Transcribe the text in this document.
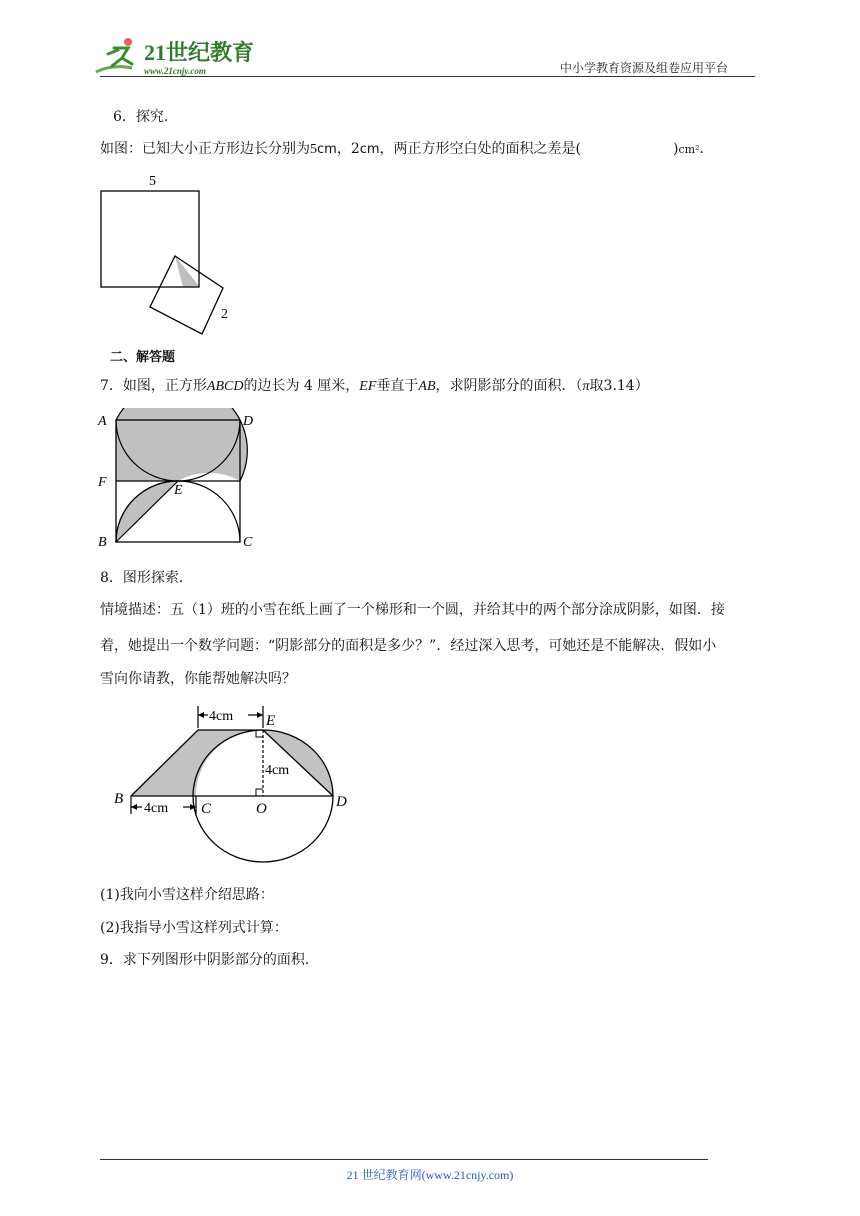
21世纪教育
www.21cnjy.com	中小学教育资源及组卷应用平台
6．探究．
如图：已知大小正方形边长分别为5cm，2cm，两正方形空白处的面积之差是(	)cm²．
5
2
二、解答题
7．如图，正方形ABCD的边长为 4 厘米，EF垂直于AB，求阴影部分的面积．（π取3.14）
A	D
F
E
B	C
8．图形探索．
情境描述：五（1）班的小雪在纸上画了一个梯形和一个圆，并给其中的两个部分涂成阴影，如图．接
着，她提出一个数学问题：“阴影部分的面积是多少？”．经过深入思考，可她还是不能解决．假如小
雪向你请教，你能帮她解决吗？
4cm E
4cm
4cm
B
C	O	D
(1)我向小雪这样介绍思路：
(2)我指导小雪这样列式计算：
9．求下列图形中阴影部分的面积．
21 世纪教育网(www.21cnjy.com)
